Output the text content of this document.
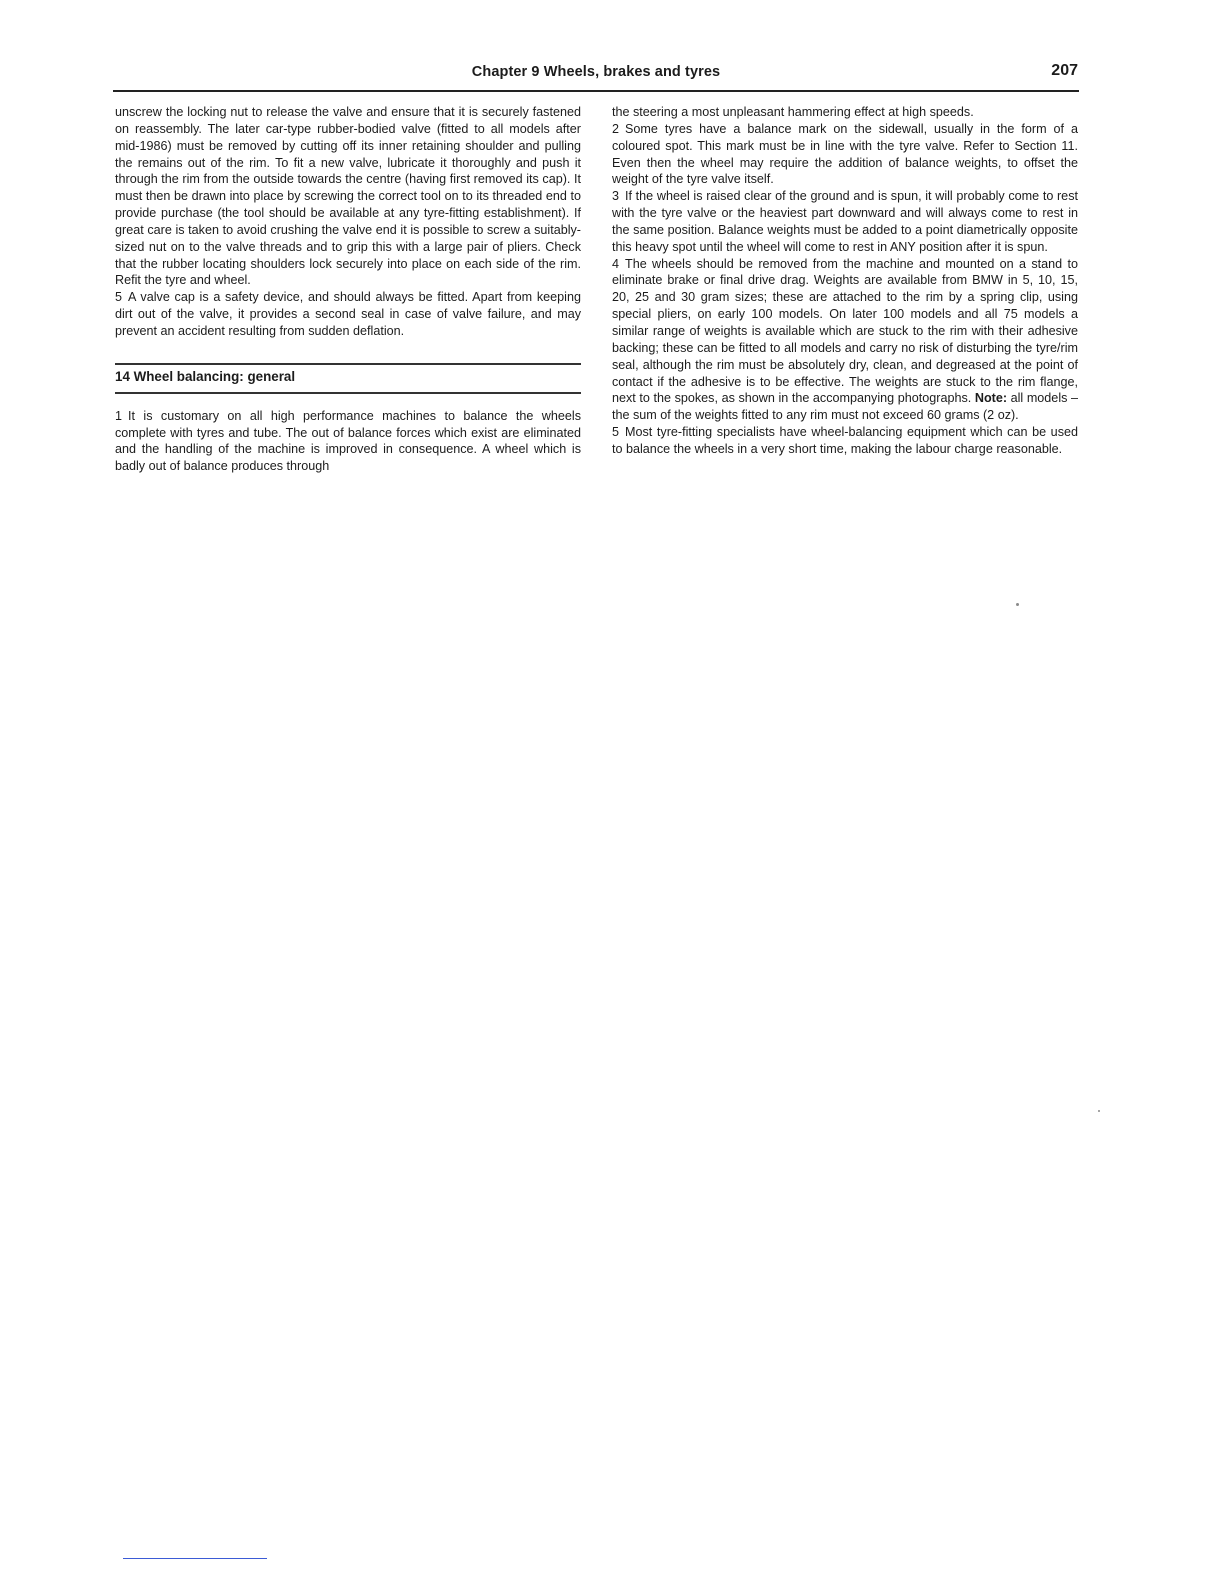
Chapter 9 Wheels, brakes and tyres	207

unscrew the locking nut to release the valve and ensure that it is securely fastened on reassembly. The later car-type rubber-bodied valve (fitted to all models after mid-1986) must be removed by cutting off its inner retaining shoulder and pulling the remains out of the rim. To fit a new valve, lubricate it thoroughly and push it through the rim from the outside towards the centre (having first removed its cap). It must then be drawn into place by screwing the correct tool on to its threaded end to provide purchase (the tool should be available at any tyre-fitting establishment). If great care is taken to avoid crushing the valve end it is possible to screw a suitably-sized nut on to the valve threads and to grip this with a large pair of pliers. Check that the rubber locating shoulders lock securely into place on each side of the rim. Refit the tyre and wheel.

5 A valve cap is a safety device, and should always be fitted. Apart from keeping dirt out of the valve, it provides a second seal in case of valve failure, and may prevent an accident resulting from sudden deflation.

14 Wheel balancing: general

1 It is customary on all high performance machines to balance the wheels complete with tyres and tube. The out of balance forces which exist are eliminated and the handling of the machine is improved in consequence. A wheel which is badly out of balance produces through

the steering a most unpleasant hammering effect at high speeds.

2 Some tyres have a balance mark on the sidewall, usually in the form of a coloured spot. This mark must be in line with the tyre valve. Refer to Section 11. Even then the wheel may require the addition of balance weights, to offset the weight of the tyre valve itself.

3 If the wheel is raised clear of the ground and is spun, it will probably come to rest with the tyre valve or the heaviest part downward and will always come to rest in the same position. Balance weights must be added to a point diametrically opposite this heavy spot until the wheel will come to rest in ANY position after it is spun.

4 The wheels should be removed from the machine and mounted on a stand to eliminate brake or final drive drag. Weights are available from BMW in 5, 10, 15, 20, 25 and 30 gram sizes; these are attached to the rim by a spring clip, using special pliers, on early 100 models. On later 100 models and all 75 models a similar range of weights is available which are stuck to the rim with their adhesive backing; these can be fitted to all models and carry no risk of disturbing the tyre/rim seal, although the rim must be absolutely dry, clean, and degreased at the point of contact if the adhesive is to be effective. The weights are stuck to the rim flange, next to the spokes, as shown in the accompanying photographs. Note: all models – the sum of the weights fitted to any rim must not exceed 60 grams (2 oz).

5 Most tyre-fitting specialists have wheel-balancing equipment which can be used to balance the wheels in a very short time, making the labour charge reasonable.
